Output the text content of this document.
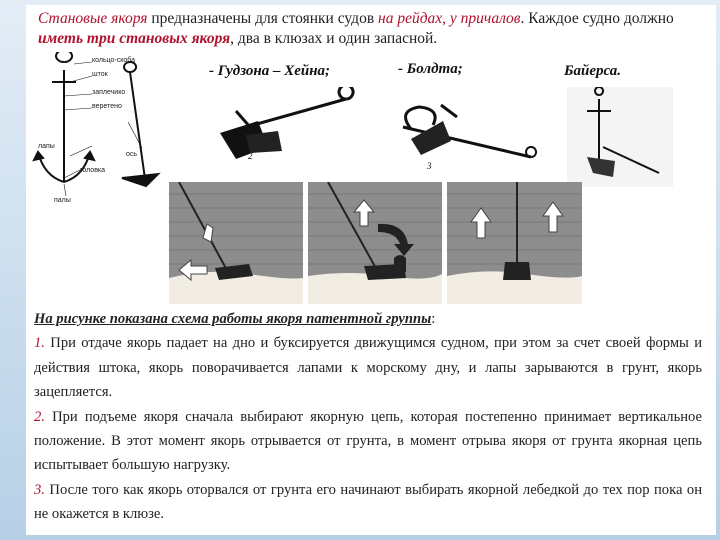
Становые якоря предназначены для стоянки судов на рейдах, у причалов. Каждое судно должно иметь три становых якоря, два в клюзах и один запасной.
кольцо-скоба
шток
заплечико
веретено
лапы
ось
головка
палы
- Гудзона – Хейна;	- Болдта;	Байерса.
2
3

На рисунке показана схема работы якоря патентной группы:

1. При отдаче якорь падает на дно и буксируется движущимся судном, при этом за счет своей формы и действия штока, якорь поворачивается лапами к морскому дну, и лапы зарываются в грунт, якорь зацепляется.

2. При подъеме якоря сначала выбирают якорную цепь, которая постепенно принимает вертикальное положение. В этот момент якорь отрывается от грунта, в момент отрыва якоря от грунта якорная цепь испытывает большую нагрузку.

3. После того как якорь оторвался от грунта его начинают выбирать якорной лебедкой до тех пор пока он не окажется в клюзе.
